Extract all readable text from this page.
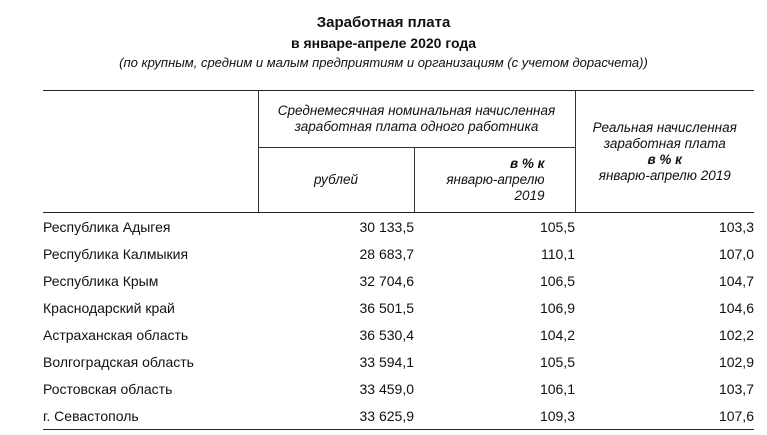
Заработная плата
в январе-апреле 2020 года
(по крупным, средним и малым предприятиям и организациям (с учетом дорасчета))
	Среднемесячная номинальная начисленная заработная плата одного работника		Реальная начисленная заработная плата
в % к
январю-апрелю 2019
	рублей	в % к
январю-апрелю 2019	
Республика Адыгея	30 133,5	105,5	103,3
Республика Калмыкия	28 683,7	110,1	107,0
Республика Крым	32 704,6	106,5	104,7
Краснодарский край	36 501,5	106,9	104,6
Астраханская область	36 530,4	104,2	102,2
Волгоградская область	33 594,1	105,5	102,9
Ростовская область	33 459,0	106,1	103,7
г. Севастополь	33 625,9	109,3	107,6
